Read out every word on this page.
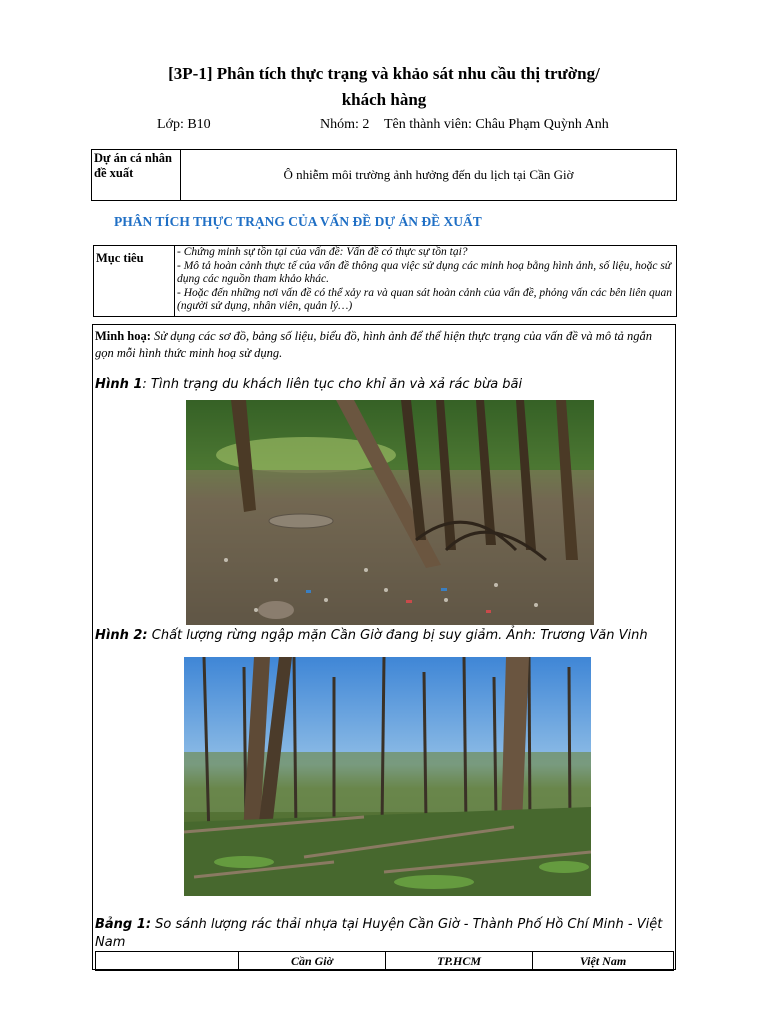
[3P-1] Phân tích thực trạng và khảo sát nhu cầu thị trường/
khách hàng
Lớp: B10	Nhóm: 2 Tên thành viên: Châu Phạm Quỳnh Anh
Dự án cá nhân đề xuất	Ô nhiễm môi trường ảnh hưởng đến du lịch tại Cần Giờ
PHÂN TÍCH THỰC TRẠNG CỦA VẤN ĐỀ DỰ ÁN ĐỀ XUẤT
Mục tiêu	- Chứng minh sự tồn tại của vấn đề: Vấn đề có thực sự tồn tại?
- Mô tả hoàn cảnh thực tế của vấn đề thông qua việc sử dụng các minh hoạ bằng hình ảnh, số liệu, hoặc sử dụng các nguồn tham khảo khác.
- Hoặc đến những nơi vấn đề có thể xảy ra và quan sát hoàn cảnh của vấn đề, phỏng vấn các bên liên quan (người sử dụng, nhân viên, quản lý…)
Minh hoạ: Sử dụng các sơ đồ, bảng số liệu, biểu đồ, hình ảnh để thể hiện thực trạng của vấn đề và mô tả ngắn gọn mỗi hình thức minh hoạ sử dụng.
Hình 1: Tình trạng du khách liên tục cho khỉ ăn và xả rác bừa bãi
Hình 2: Chất lượng rừng ngập mặn Cần Giờ đang bị suy giảm. Ảnh: Trương Văn Vinh
Bảng 1: So sánh lượng rác thải nhựa tại Huyện Cần Giờ - Thành Phố Hồ Chí Minh - Việt Nam
	Cần Giờ	TP.HCM	Việt Nam
